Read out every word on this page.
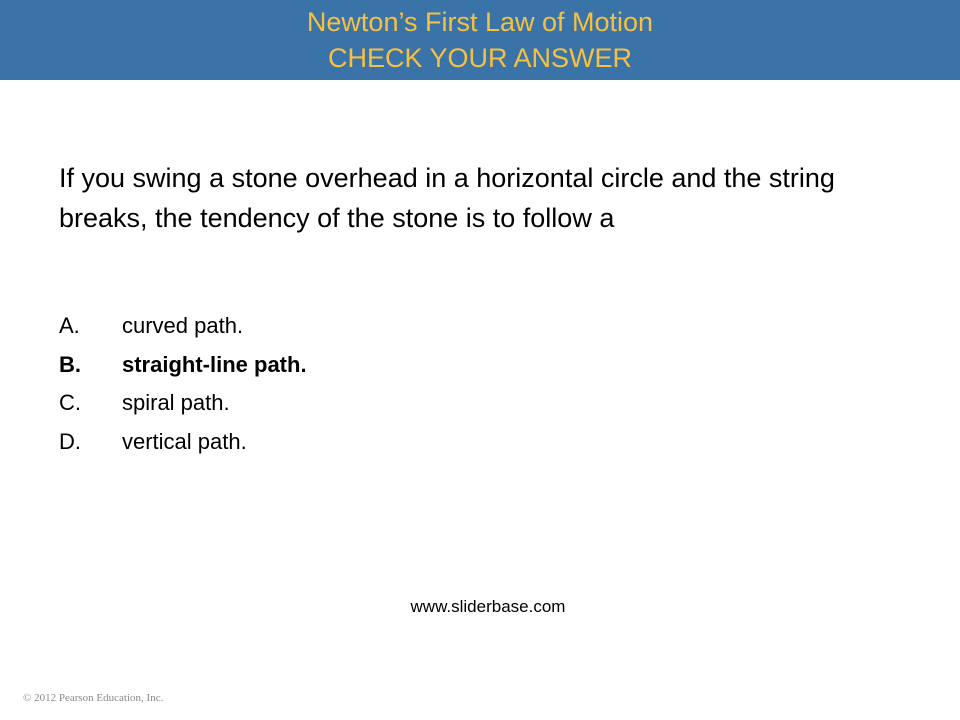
Newton’s First Law of Motion
CHECK YOUR ANSWER
If you swing a stone overhead in a horizontal circle and the string breaks, the tendency of the stone is to follow a
A. curved path.
B. straight-line path.
C. spiral path.
D. vertical path.
www.sliderbase.com
© 2012 Pearson Education, Inc.
